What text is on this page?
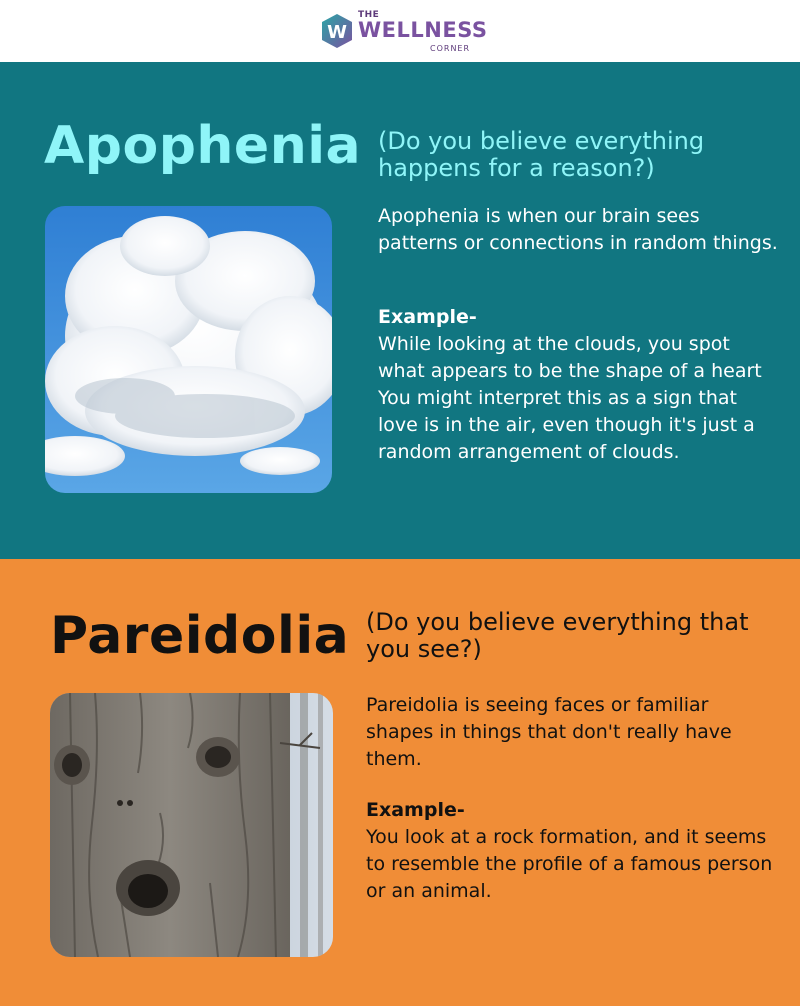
W
THE
WELLNESS
CORNER
Apophenia (Do you believe everything happens for a reason?)
Apophenia is when our brain sees patterns or connections in random things.
Example-
While looking at the clouds, you spot what appears to be the shape of a heart You might interpret this as a sign that love is in the air, even though it's just a random arrangement of clouds.
Pareidolia (Do you believe everything that you see?)
Pareidolia is seeing faces or familiar shapes in things that don't really have them.
Example-
You look at a rock formation, and it seems to resemble the profile of a famous person or an animal.
